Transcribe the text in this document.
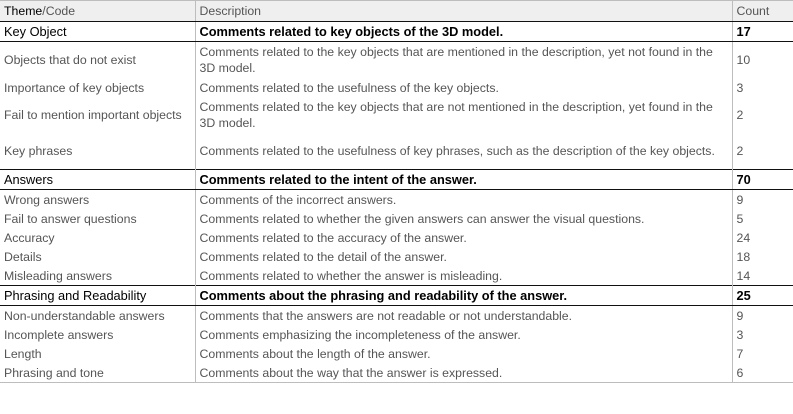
Theme/Code	Description	Count
Key Object	Comments related to key objects of the 3D model.	17
Objects that do not exist	Comments related to the key objects that are mentioned in the description, yet not found in the 3D model.	10
Importance of key objects	Comments related to the usefulness of the key objects.	3
Fail to mention important objects	Comments related to the key objects that are not mentioned in the description, yet found in the 3D model.	2
Key phrases	Comments related to the usefulness of key phrases, such as the description of the key objects.	2
Answers	Comments related to the intent of the answer.	70
Wrong answers	Comments of the incorrect answers.	9
Fail to answer questions	Comments related to whether the given answers can answer the visual questions.	5
Accuracy	Comments related to the accuracy of the answer.	24
Details	Comments related to the detail of the answer.	18
Misleading answers	Comments related to whether the answer is misleading.	14
Phrasing and Readability	Comments about the phrasing and readability of the answer.	25
Non-understandable answers	Comments that the answers are not readable or not understandable.	9
Incomplete answers	Comments emphasizing the incompleteness of the answer.	3
Length	Comments about the length of the answer.	7
Phrasing and tone	Comments about the way that the answer is expressed.	6
